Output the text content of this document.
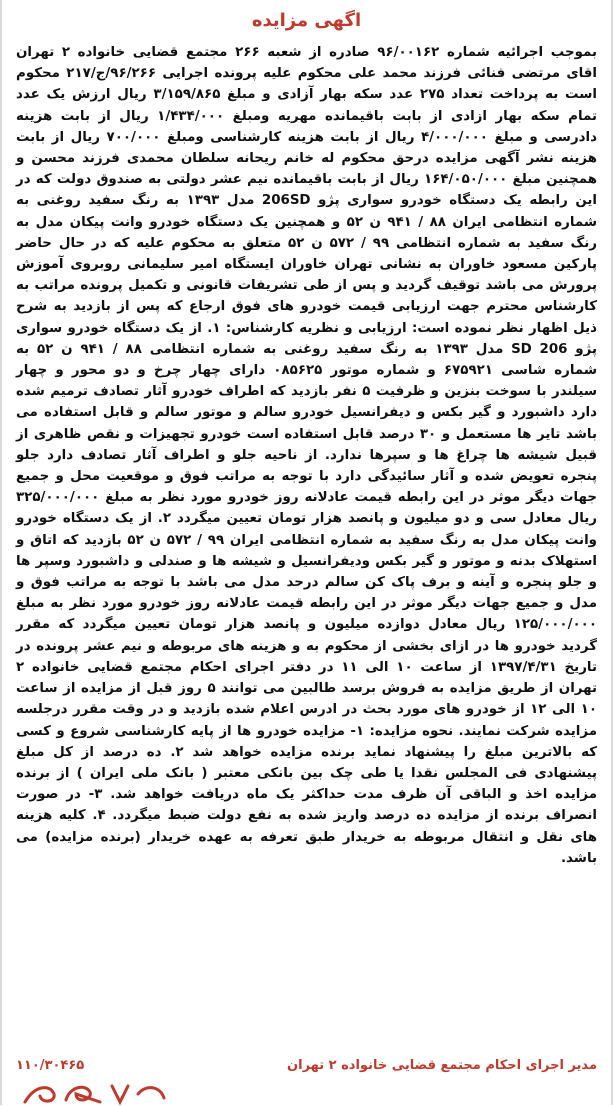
اگهی مزایده
بموجب اجرائیه شماره ۹۶/۰۰۱۶۲ صادره از شعبه ۲۶۶ مجتمع قضایی خانواده ۲ تهران اقای مرتضی فنائی فرزند محمد علی محکوم علیه پرونده اجرایی ۹۶/۲۶۶/ج/۲۱۷ محکوم است به پرداخت تعداد ۲۷۵ عدد سکه بهار آزادی و مبلغ ۳/۱۵۹/۸۶۵ ریال ارزش یک عدد تمام سکه بهار ازادی از بابت باقیمانده مهریه ومبلغ ۱/۴۳۴/۰۰۰ ریال از بابت هزینه دادرسی و مبلغ ۴/۰۰۰/۰۰۰ ریال از بابت هزینه کارشناسی ومبلغ ۷۰۰/۰۰۰ ریال از بابت هزینه نشر آگهی مزایده درحق محکوم له خانم ریحانه سلطان محمدی فرزند محسن و همچنین مبلغ ۱۶۴/۰۵۰/۰۰۰ ریال از بابت باقیمانده نیم عشر دولتی به صندوق دولت که در این رابطه یک دستگاه خودرو سواری پژو 206SD مدل ۱۳۹۳ به رنگ سفید روغنی به شماره انتظامی ایران ۸۸ / ۹۴۱ ن ۵۲ و همچنین یک دستگاه خودرو وانت پیکان مدل به رنگ سفید به شماره انتظامی ۹۹ / ۵۷۲ ن ۵۲ متعلق به محکوم علیه که در حال حاضر پارکین مسعود خاوران به نشانی تهران خاوران ایستگاه امیر سلیمانی روبروی آموزش پرورش می باشد توقیف گردید و پس از طی تشریفات قانونی و تکمیل پرونده مراتب به کارشناس محترم جهت ارزیابی قیمت خودرو های فوق ارجاع که پس از بازدید به شرح ذیل اظهار نظر نموده است: ارزیابی و نظریه کارشناس: ۱. از یک دستگاه خودرو سواری پژو 206 SD مدل ۱۳۹۳ به رنگ سفید روغنی به شماره انتظامی ۸۸ / ۹۴۱ ن ۵۲ به شماره شاسی ۶۷۵۹۲۱ و شماره موتور ۰۸۵۶۲۵ دارای چهار چرخ و دو محور و چهار سیلندر با سوخت بنزین و ظرفیت ۵ نفر بازدید که اطراف خودرو آثار تصادف ترمیم شده دارد داشبورد و گیر بکس و دیفرانسیل خودرو سالم و موتور سالم و قابل استفاده می باشد تایر ها مستعمل و ۳۰ درصد قابل استفاده است خودرو تجهیزات و نقص ظاهری از قبیل شیشه ها چراغ ها و سپرها ندارد. از ناحیه جلو و اطراف آثار تصادف دارد جلو پنجره تعویض شده و آثار سائیدگی دارد با توجه به مراتب فوق و موقعیت محل و جمیع جهات دیگر موثر در این رابطه قیمت عادلانه روز خودرو مورد نظر به مبلغ ۳۲۵/۰۰۰/۰۰۰ ریال معادل سی و دو میلیون و پانصد هزار تومان تعیین میگردد ۲. از یک دستگاه خودرو وانت پیکان مدل به رنگ سفید به شماره انتظامی ایران ۹۹ / ۵۷۲ ن ۵۲ بازدید که اتاق و استهلاک بدنه و موتور و گیر بکس ودیفرانسیل و شیشه ها و صندلی و داشبورد وسپر ها و جلو پنجره و آینه و برف پاک کن سالم درحد مدل می باشد با توجه به مراتب فوق و مدل و جمیع جهات دیگر موثر در این رابطه قیمت عادلانه روز خودرو مورد نظر به مبلغ ۱۲۵/۰۰۰/۰۰۰ ریال معادل دوازده میلیون و پانصد هزار تومان تعیین میگردد که مقرر گردید خودرو ها در ازای بخشی از محکوم به و هزینه های مربوطه و نیم عشر پرونده در تاریخ ۱۳۹۷/۴/۳۱ از ساعت ۱۰ الی ۱۱ در دفتر اجرای احکام مجتمع قضایی خانواده ۲ تهران از طریق مزایده به فروش برسد طالبین می توانند ۵ روز قبل از مزایده از ساعت ۱۰ الی ۱۲ از خودرو های مورد بحث در ادرس اعلام شده بازدید و در وقت مقرر درجلسه مزایده شرکت نمایند. نحوه مزایده: ۱- مزایده خودرو ها از پایه کارشناسی شروع و کسی که بالاترین مبلغ را پیشنهاد نماید برنده مزایده خواهد شد ۲. ده درصد از کل مبلغ پیشنهادی فی المجلس نقدا یا طی چک بین بانکی معتبر ( بانک ملی ایران ) از برنده مزایده اخذ و الباقی آن ظرف مدت حداکثر یک ماه دریافت خواهد شد. ۳- در صورت انصراف برنده از مزایده ده درصد واریز شده به نفع دولت ضبط میگردد. ۴. کلیه هزینه های نقل و انتقال مربوطه به خریدار طبق تعرفه به عهده خریدار (برنده مزایده) می باشد.
مدیر اجرای احکام مجتمع قضایی خانواده ۲ تهران
۱۱۰/۳۰۴۶۵
